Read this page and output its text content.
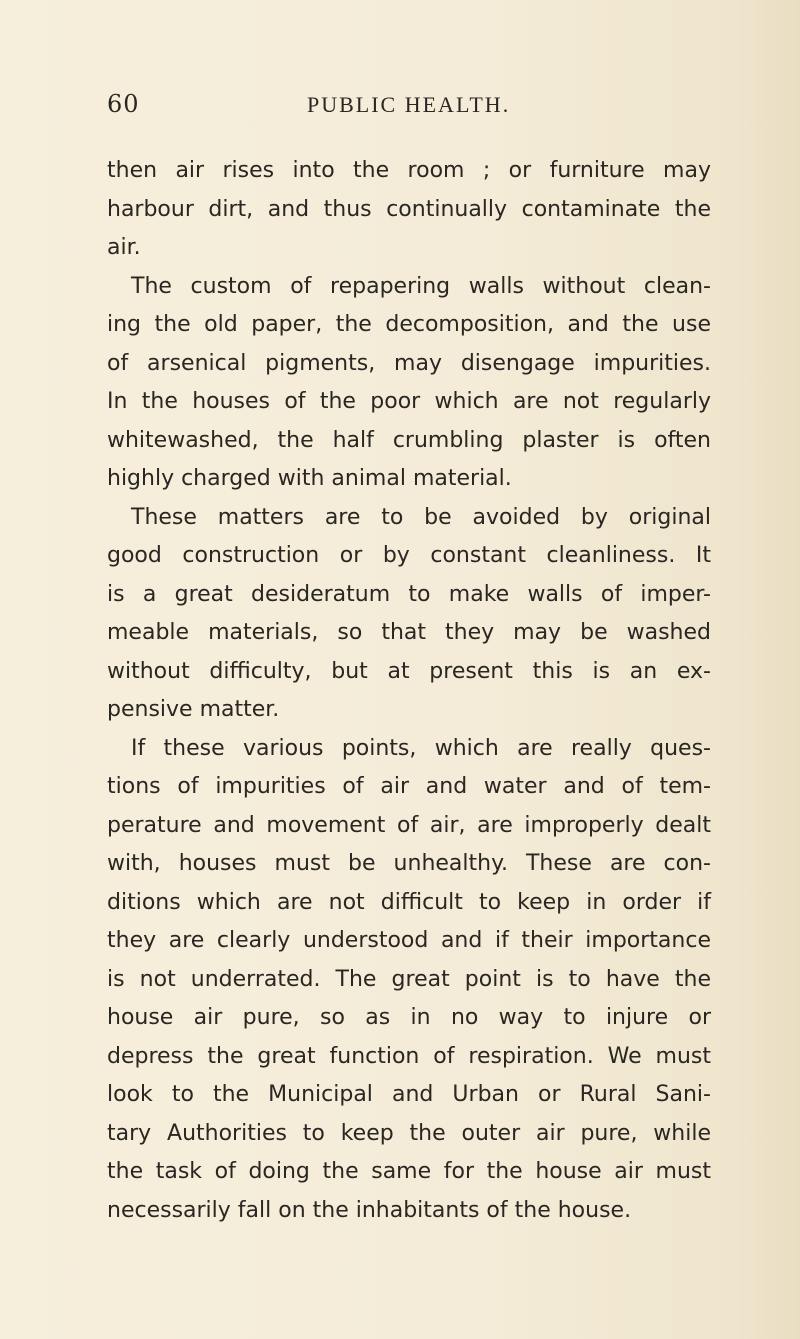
60	PUBLIC HEALTH.
then air rises into the room ; or furniture may
harbour dirt, and thus continually contaminate the
air.
The custom of repapering walls without clean-
ing the old paper, the decomposition, and the use
of arsenical pigments, may disengage impurities.
In the houses of the poor which are not regularly
whitewashed, the half crumbling plaster is often
highly charged with animal material.
These matters are to be avoided by original
good construction or by constant cleanliness. It
is a great desideratum to make walls of imper-
meable materials, so that they may be washed
without difficulty, but at present this is an ex-
pensive matter.
If these various points, which are really ques-
tions of impurities of air and water and of tem-
perature and movement of air, are improperly dealt
with, houses must be unhealthy. These are con-
ditions which are not difficult to keep in order if
they are clearly understood and if their importance
is not underrated. The great point is to have the
house air pure, so as in no way to injure or
depress the great function of respiration. We must
look to the Municipal and Urban or Rural Sani-
tary Authorities to keep the outer air pure, while
the task of doing the same for the house air must
necessarily fall on the inhabitants of the house.
